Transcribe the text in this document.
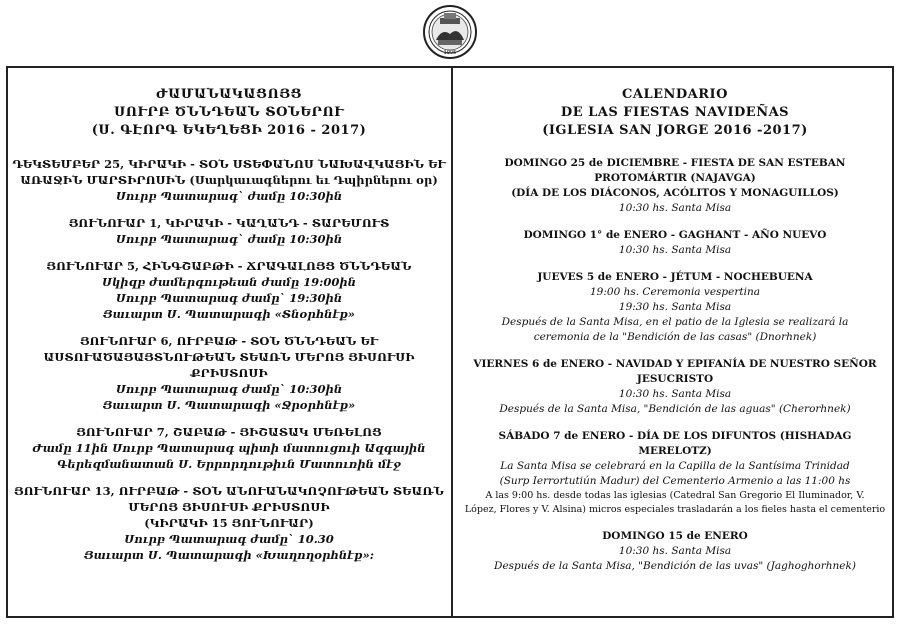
1905
ԺԱՄԱՆԱԿԱՑՈՅՑ
ՍՈՒՐԲ ԾՆՆԴԵԱՆ ՏՕՆԵՐՈՒ
(Ս. ԳԷՈՐԳ ԵԿԵՂԵՑԻ 2016 - 2017)
ԴԵԿՏԵՄԲԵՐ 25, ԿԻՐԱԿԻ - ՏՕՆ ՍՏԵՓԱՆՈՍ ՆԱԽԱՎԿԱՅԻՆ ԵՒ
ԱՌԱՋԻՆ ՄԱՐՏԻՐՈՍԻՆ (Սարկաւագներու եւ Դպիրներու օր)
Սուրբ Պատարագ` ժամը 10:30ին
ՅՈՒՆՈՒԱՐ 1, ԿԻՐԱԿԻ - ԿԱՂԱՆԴ - ՏԱՐԵՄՈՒՏ
Սուրբ Պատարագ` ժամը 10:30ին
ՅՈՒՆՈՒԱՐ 5, ՀԻՆԳՇԱԲԹԻ - ՃՐԱԳԱԼՈՅՑ ԾՆՆԴԵԱՆ
Սկիզբ ժամերգութեան ժամը 19:00ին
Սուրբ Պատարագ ժամը` 19:30ին
Յաւարտ Ս. Պատարագի «Տնօրհնէք»
ՅՈՒՆՈՒԱՐ 6, ՈՒՐԲԱԹ - ՏՕՆ ԾՆՆԴԵԱՆ ԵՒ
ԱՍՏՈՒԱԾԱՅԱՅՏՆՈՒԹԵԱՆ ՏԵԱՌՆ ՄԵՐՈՅ ՅԻՍՈՒՍԻ ՔՐԻՍՏՈՍԻ
Սուրբ Պատարագ ժամը` 10:30ին
Յաւարտ Ս. Պատարագի «Ջրօրհնէք»
ՅՈՒՆՈՒԱՐ 7, ՇԱԲԱԹ - ՅԻՇԱՏԱԿ ՄԵՌԵԼՈՑ
Ժամը 11ին Սուրբ Պատարագ պիտի մատուցուի Ազգային
Գերեզմանատան Ս. Երրորդութիւն Մատուռին մէջ
ՅՈՒՆՈՒԱՐ 13, ՈՒՐԲԱԹ - ՏՕՆ ԱՆՈՒԱՆԱԿՈՉՈՒԹԵԱՆ ՏԵԱՌՆ
ՄԵՐՈՅ ՅԻՍՈՒՍԻ ՔՐԻՍՏՈՍԻ
(ԿԻՐԱԿԻ 15 ՅՈՒՆՈՒԱՐ)
Սուրբ Պատարագ ժամը` 10.30
Յաւարտ Ս. Պատարագի «Խաղողօրհնէք»:
CALENDARIO
DE LAS FIESTAS NAVIDEÑAS
(IGLESIA SAN JORGE 2016 -2017)
DOMINGO 25 de DICIEMBRE - FIESTA DE SAN ESTEBAN
PROTOMÁRTIR (NAJAVGA)
(DÍA DE LOS DIÁCONOS, ACÓLITOS Y MONAGUILLOS)
10:30 hs. Santa Misa
DOMINGO 1° de ENERO - GAGHANT - AÑO NUEVO
10:30 hs. Santa Misa
JUEVES 5 de ENERO - JÉTUM - NOCHEBUENA
19:00 hs. Ceremonia vespertina
19:30 hs. Santa Misa
Después de la Santa Misa, en el patio de la Iglesia se realizará la
ceremonia de la "Bendición de las casas" (Dnorhnek)
VIERNES 6 de ENERO - NAVIDAD Y EPIFANÍA DE NUESTRO SEÑOR
JESUCRISTO
10:30 hs. Santa Misa
Después de la Santa Misa, "Bendición de las aguas" (Cherorhnek)
SÁBADO 7 de ENERO - DÍA DE LOS DIFUNTOS (HISHADAG MERELOTZ)
La Santa Misa se celebrará en la Capilla de la Santísima Trinidad
(Surp Ierrortutiún Madur) del Cementerio Armenio a las 11:00 hs
A las 9:00 hs. desde todas las iglesias (Catedral San Gregorio El Iluminador, V.
López, Flores y V. Alsina) micros especiales trasladarán a los fieles hasta el cementerio
DOMINGO 15 de ENERO
10:30 hs. Santa Misa
Después de la Santa Misa, "Bendición de las uvas" (Jaghoghorhnek)
